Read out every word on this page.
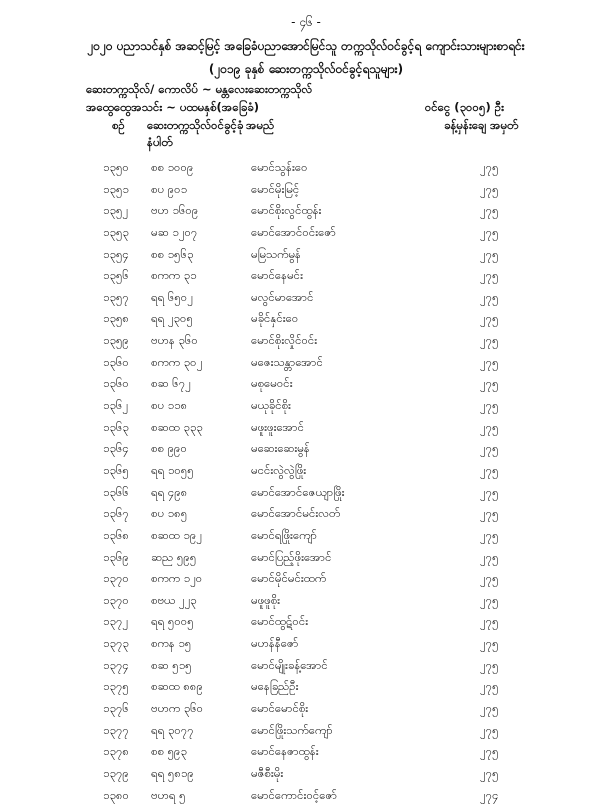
- ၄၆ -
၂၀၂၀ ပညာသင်နှစ် အဆင့်မြင့် အခြေခံပညာအောင်မြင်သူ တက္ကသိုလ်ဝင်ခွင့်ရ ကျောင်းသားများစာရင်း
(၂၀၁၉ ခုနှစ် ဆေးတက္ကသိုလ်ဝင်ခွင့်ရသူများ)
ဆေးတက္ကသိုလ်/ ကောလိပ် ~ မန္တလေးဆေးတက္ကသိုလ်
အထွေထွေအသင်း ~ ပထမနှစ်(အခြေခံ)	ဝင်ငွေ (၃၀၀၅) ဦး
စဉ် ဆေးတက္ကသိုလ်ဝင်ခွင့်ခုံ
နံပါတ်
အမည်	ခန့်မှန်းချေ အမှတ်
၁၃၅၀ စစ ၁၀၀၉	မောင်သွန်းဝေ	၂၇၅
၁၃၅၁ စပ ၉၀၁	မောင်မိုးမြင့်	၂၇၅
၁၃၅၂ ဗဟ ၁၆၀၉	မောင်စိုးလွင်ထွန်း	၂၇၅
၁၃၅၃ မဆ ၁၂၀၇	မောင်အောင်ဝင်းဇော်	၂၇၅
၁၃၅၄ စစ ၁၅၆၃	မမြသက်မွန်	၂၇၅
၁၃၅၆ စကက ၃၁	မောင်နေမင်း	၂၇၅
၁၃၅၇ ရရ ၆၅၀၂	မလွင်မာအောင်	၂၇၅
၁၃၅၈ ရရ ၂၃၀၅	မခိုင်နှင်းဝေ	၂၇၅
၁၃၅၉ ဗဟန ၃၆၀	မောင်စိုးလှိုင်ဝင်း	၂၇၅
၁၃၆၀ စကက ၃၀၂	မဇေးသန္တာအောင်	၂၇၅
၁၃၆၀ စဆ ၆၇၂	မစုမေဝင်း	၂၇၅
၁၃၆၂ စပ ၁၁၈	မယုခိုင်စိုး	၂၇၅
၁၃၆၃ စဆထ ၃၃၃	မဖူးဖူးအောင်	၂၇၅
၁၃၆၄ စစ ၉၉၀	မဆေးဆေးမွန်	၂၇၅
၁၃၆၅ ရရ ၁၀၅၅	မငင်းလွဲလွဲဖြိုး	၂၇၅
၁၃၆၆ ရရ ၄၉၈	မောင်အောင်ဇေယျာဖြိုး	၂၇၅
၁၃၆၇ စပ ၁၈၅	မောင်အောင်မင်းလတ်	၂၇၅
၁၃၆၈ စဆထ ၁၉၂	မောင်ရဖြိုးကျော်	၂၇၅
၁၃၆၉ ဆည ၅၉၅	မောင်ပြည့်ဖိုးအောင်	၂၇၅
၁၃၇၀ စကက ၁၂၀	မောင်မိုင်မင်းထက်	၂၇၅
၁၃၇၀ စဗယ ၂၂၃	မဖူဖူစိုး	၂၇၅
၁၃၇၂ ရရ ၅၀၀၅	မောင်ထွဋ်ဝင်း	၂၇၅
၁၃၇၃ စကန ၁၅	မဟန်နီဇော်	၂၇၅
၁၃၇၄ စဆ ၅၁၅	မောင်မျိုးခန့်အောင်	၂၇၅
၁၃၇၅ စဆထ ၈၈၉	မနေခြည်ဦး	၂၇၅
၁၃၇၆ ဗဟက ၃၆၀	မောင်မောင်စိုး	၂၇၅
၁၃၇၇ ရရ ၃၀၇၇	မောင်ဖြိုးသက်ကျော်	၂၇၅
၁၃၇၈ စစ ၅၉၃	မောင်နေဇာထွန်း	၂၇၅
၁၃၇၉ ရရ ၅၈၁၉	မဇီစီးမိုး	၂၇၅
၁၃၈၀ ဗဟရ ၅	မောင်ကောင်းဝင့်ဇော်	၂၇၄
